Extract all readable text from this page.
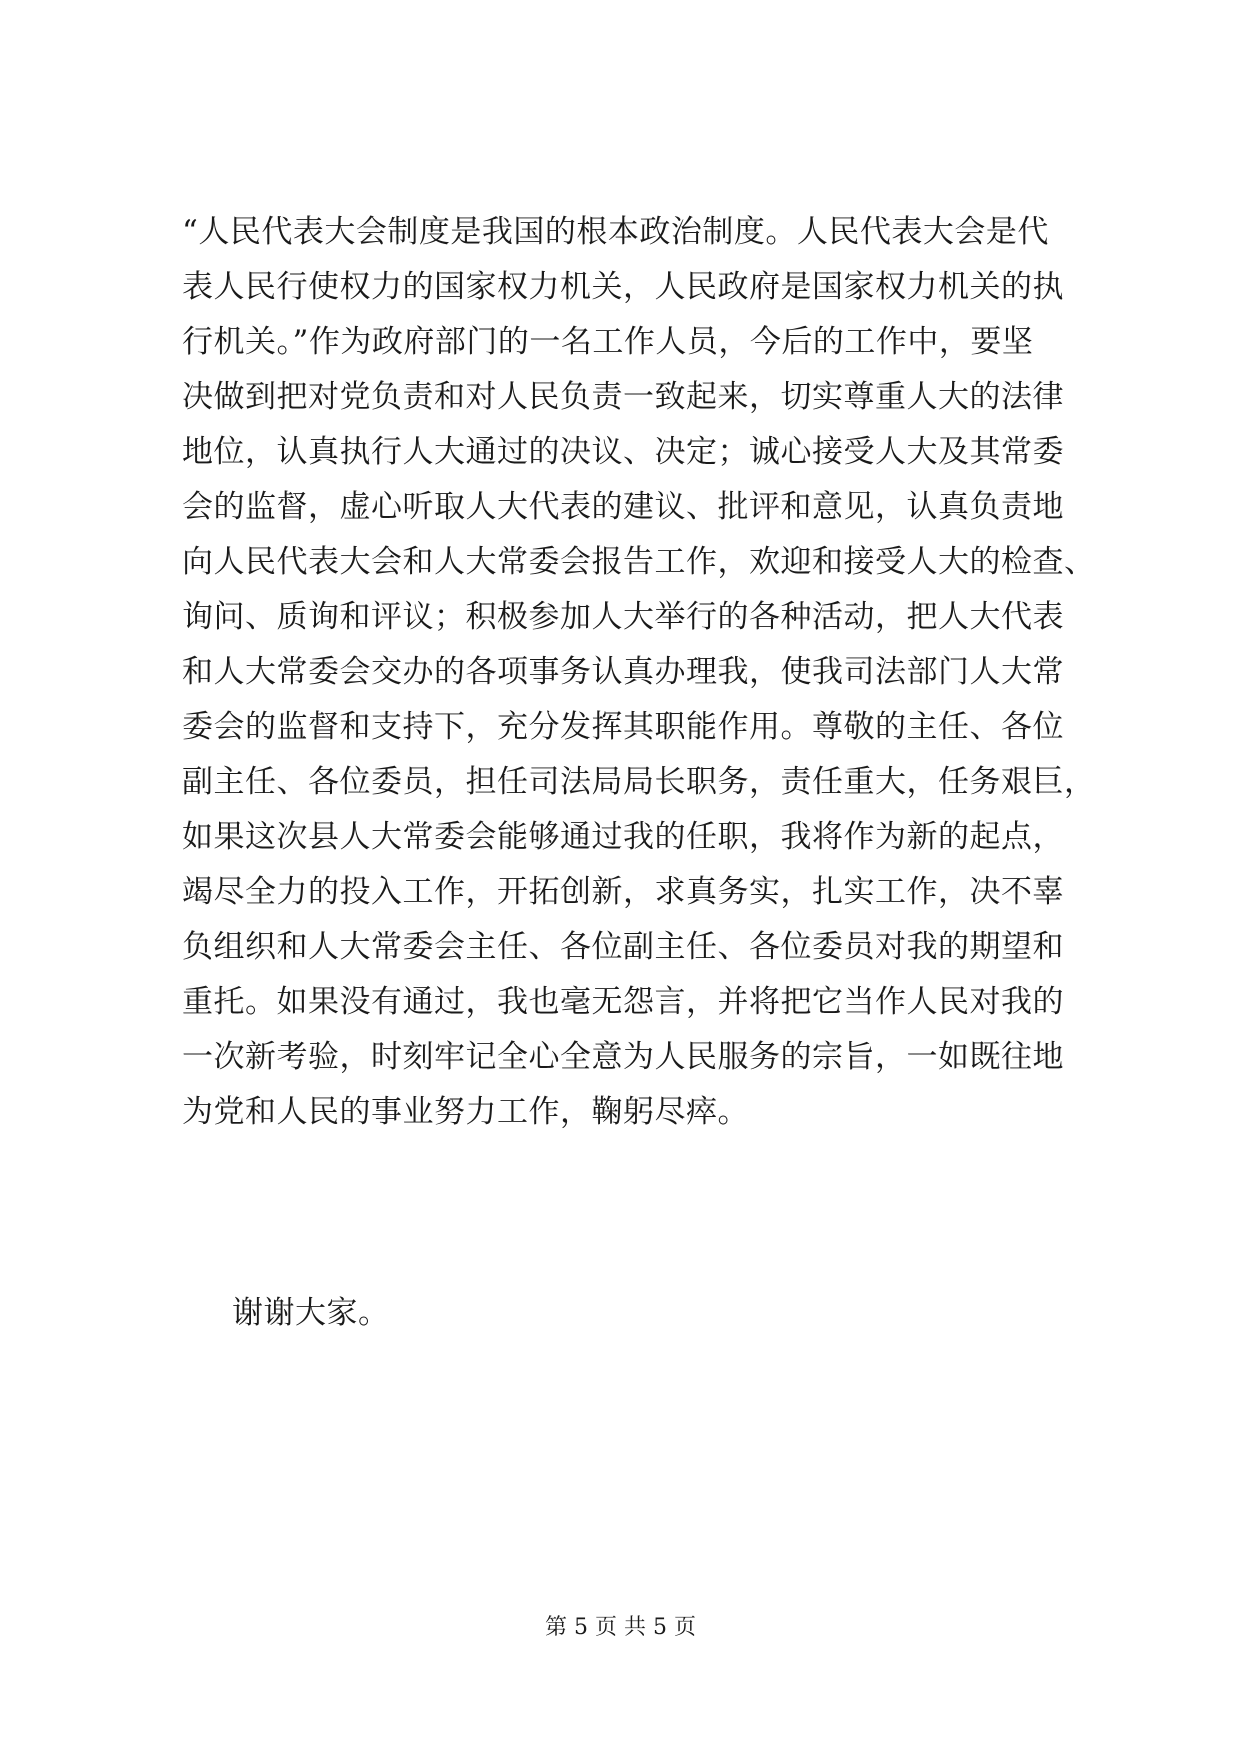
“人民代表大会制度是我国的根本政治制度。人民代表大会是代
表人民行使权力的国家权力机关，人民政府是国家权力机关的执
行机关。”作为政府部门的一名工作人员，今后的工作中，要坚
决做到把对党负责和对人民负责一致起来，切实尊重人大的法律
地位，认真执行人大通过的决议、决定；诚心接受人大及其常委
会的监督，虚心听取人大代表的建议、批评和意见，认真负责地
向人民代表大会和人大常委会报告工作，欢迎和接受人大的检查、
询问、质询和评议；积极参加人大举行的各种活动，把人大代表
和人大常委会交办的各项事务认真办理我，使我司法部门人大常
委会的监督和支持下，充分发挥其职能作用。尊敬的主任、各位
副主任、各位委员，担任司法局局长职务，责任重大，任务艰巨，
如果这次县人大常委会能够通过我的任职，我将作为新的起点，
竭尽全力的投入工作，开拓创新，求真务实，扎实工作，决不辜
负组织和人大常委会主任、各位副主任、各位委员对我的期望和
重托。如果没有通过，我也毫无怨言，并将把它当作人民对我的
一次新考验，时刻牢记全心全意为人民服务的宗旨，一如既往地
为党和人民的事业努力工作，鞠躬尽瘁。
谢谢大家。
第 5 页 共 5 页
